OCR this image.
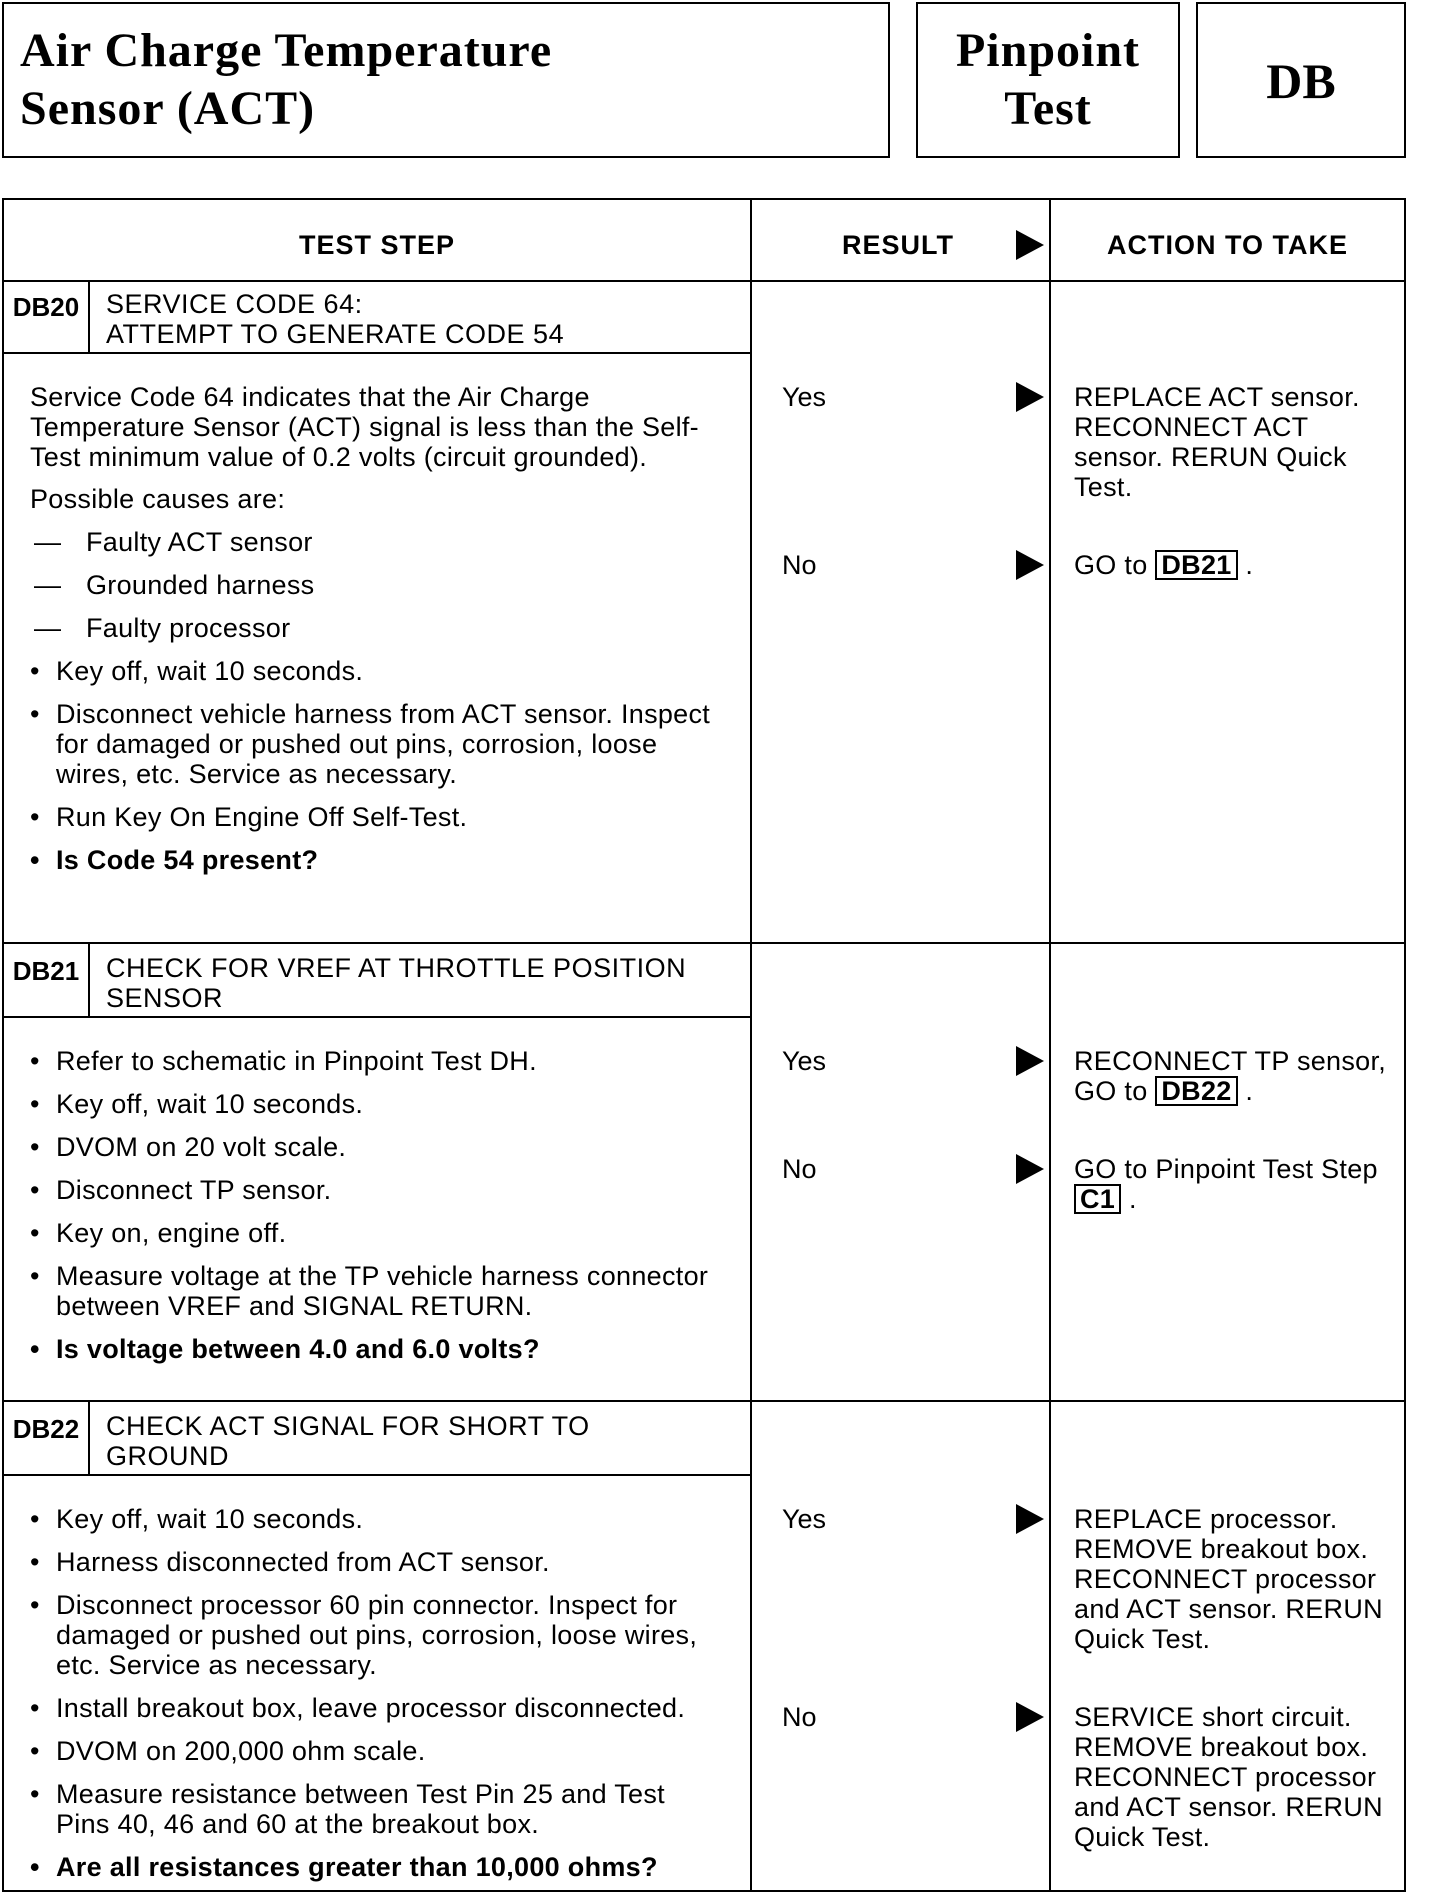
Air Charge Temperature
Sensor (ACT)
Pinpoint
Test	DB
TEST STEP	RESULT	ACTION TO TAKE
DB20 SERVICE CODE 64:
ATTEMPT TO GENERATE CODE 54

Service Code 64 indicates that the Air Charge Temperature Sensor (ACT) signal is less than the Self-Test minimum value of 0.2 volts (circuit grounded).

Possible causes are:

— Faulty ACT sensor
— Grounded harness
— Faulty processor
• Key off, wait 10 seconds.
• Disconnect vehicle harness from ACT sensor. Inspect for damaged or pushed out pins, corrosion, loose wires, etc. Service as necessary.
• Run Key On Engine Off Self-Test.
• Is Code 54 present?
Yes	REPLACE ACT sensor. RECONNECT ACT sensor. RERUN Quick Test.
No	GO to DB21 .
DB21 CHECK FOR VREF AT THROTTLE POSITION
SENSOR
• Refer to schematic in Pinpoint Test DH.
• Key off, wait 10 seconds.
• DVOM on 20 volt scale.
• Disconnect TP sensor.
• Key on, engine off.
• Measure voltage at the TP vehicle harness connector between VREF and SIGNAL RETURN.
• Is voltage between 4.0 and 6.0 volts?
Yes	RECONNECT TP sensor, GO to DB22 .
No	GO to Pinpoint Test Step C1 .
DB22 CHECK ACT SIGNAL FOR SHORT TO
GROUND
• Key off, wait 10 seconds.
• Harness disconnected from ACT sensor.
• Disconnect processor 60 pin connector. Inspect for damaged or pushed out pins, corrosion, loose wires, etc. Service as necessary.
• Install breakout box, leave processor disconnected.
• DVOM on 200,000 ohm scale.
• Measure resistance between Test Pin 25 and Test Pins 40, 46 and 60 at the breakout box.
• Are all resistances greater than 10,000 ohms?
Yes	REPLACE processor. REMOVE breakout box. RECONNECT processor and ACT sensor. RERUN Quick Test.
No	SERVICE short circuit. REMOVE breakout box. RECONNECT processor and ACT sensor. RERUN Quick Test.
